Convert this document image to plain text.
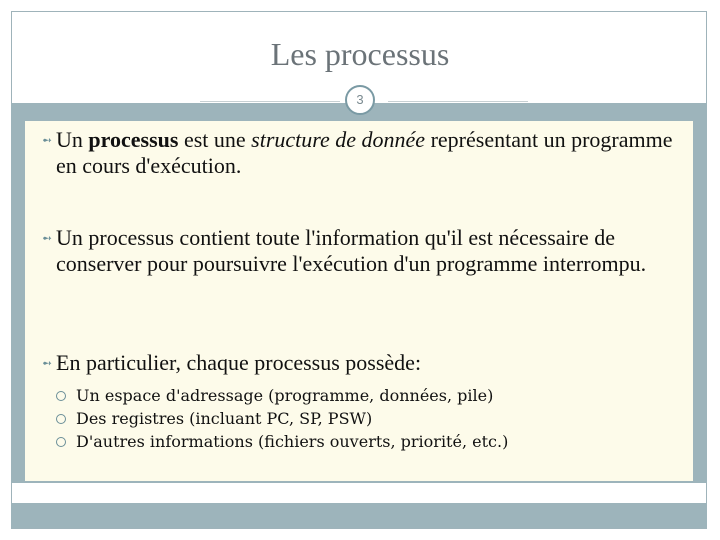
Les processus
3
➻ Un processus est une structure de donnée représentant un programme en cours d'exécution.
➻ Un processus contient toute l'information qu'il est nécessaire de conserver pour poursuivre l'exécution d'un programme interrompu.
➻ En particulier, chaque processus possède:
Un espace d'adressage (programme, données, pile)
Des registres (incluant PC, SP, PSW)
D'autres informations (fichiers ouverts, priorité, etc.)
